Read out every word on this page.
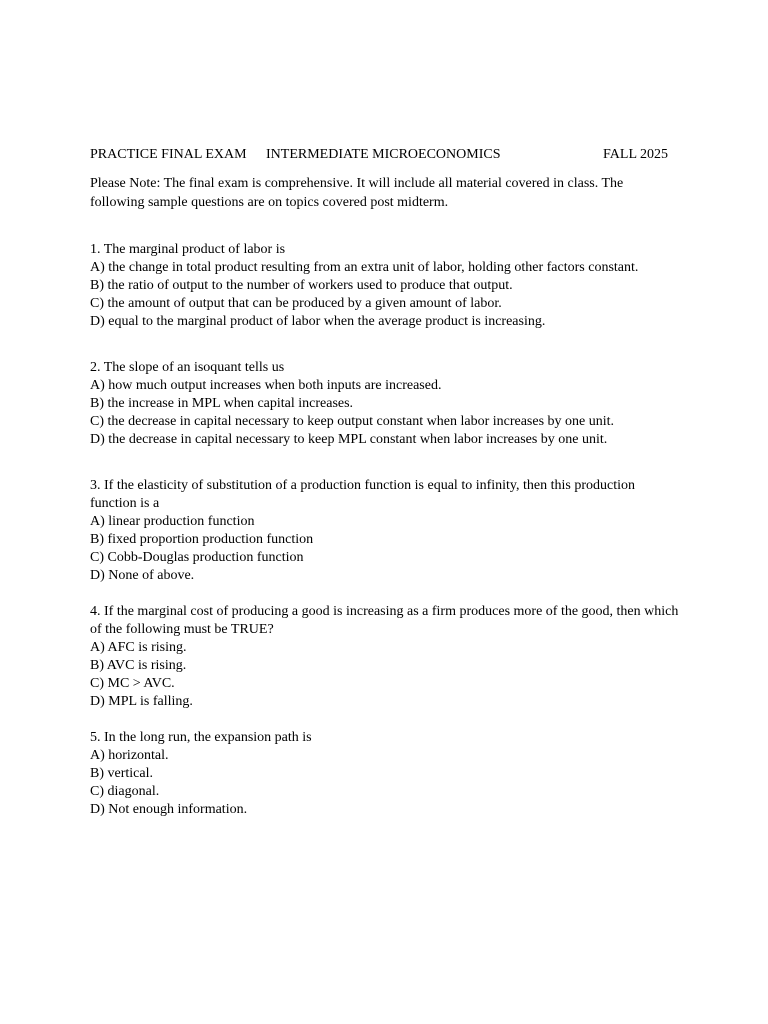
PRACTICE FINAL EXAM INTERMEDIATE MICROECONOMICS	FALL 2025
Please Note: The final exam is comprehensive. It will include all material covered in class. The following sample questions are on topics covered post midterm.
1. The marginal product of labor is
A) the change in total product resulting from an extra unit of labor, holding other factors constant.
B) the ratio of output to the number of workers used to produce that output.
C) the amount of output that can be produced by a given amount of labor.
D) equal to the marginal product of labor when the average product is increasing.
2. The slope of an isoquant tells us
A) how much output increases when both inputs are increased.
B) the increase in MPL when capital increases.
C) the decrease in capital necessary to keep output constant when labor increases by one unit.
D) the decrease in capital necessary to keep MPL constant when labor increases by one unit.
3. If the elasticity of substitution of a production function is equal to infinity, then this production function is a
A) linear production function
B) fixed proportion production function
C) Cobb-Douglas production function
D) None of above.
4. If the marginal cost of producing a good is increasing as a firm produces more of the good, then which of the following must be TRUE?
A) AFC is rising.
B) AVC is rising.
C) MC > AVC.
D) MPL is falling.
5. In the long run, the expansion path is
A) horizontal.
B) vertical.
C) diagonal.
D) Not enough information.
